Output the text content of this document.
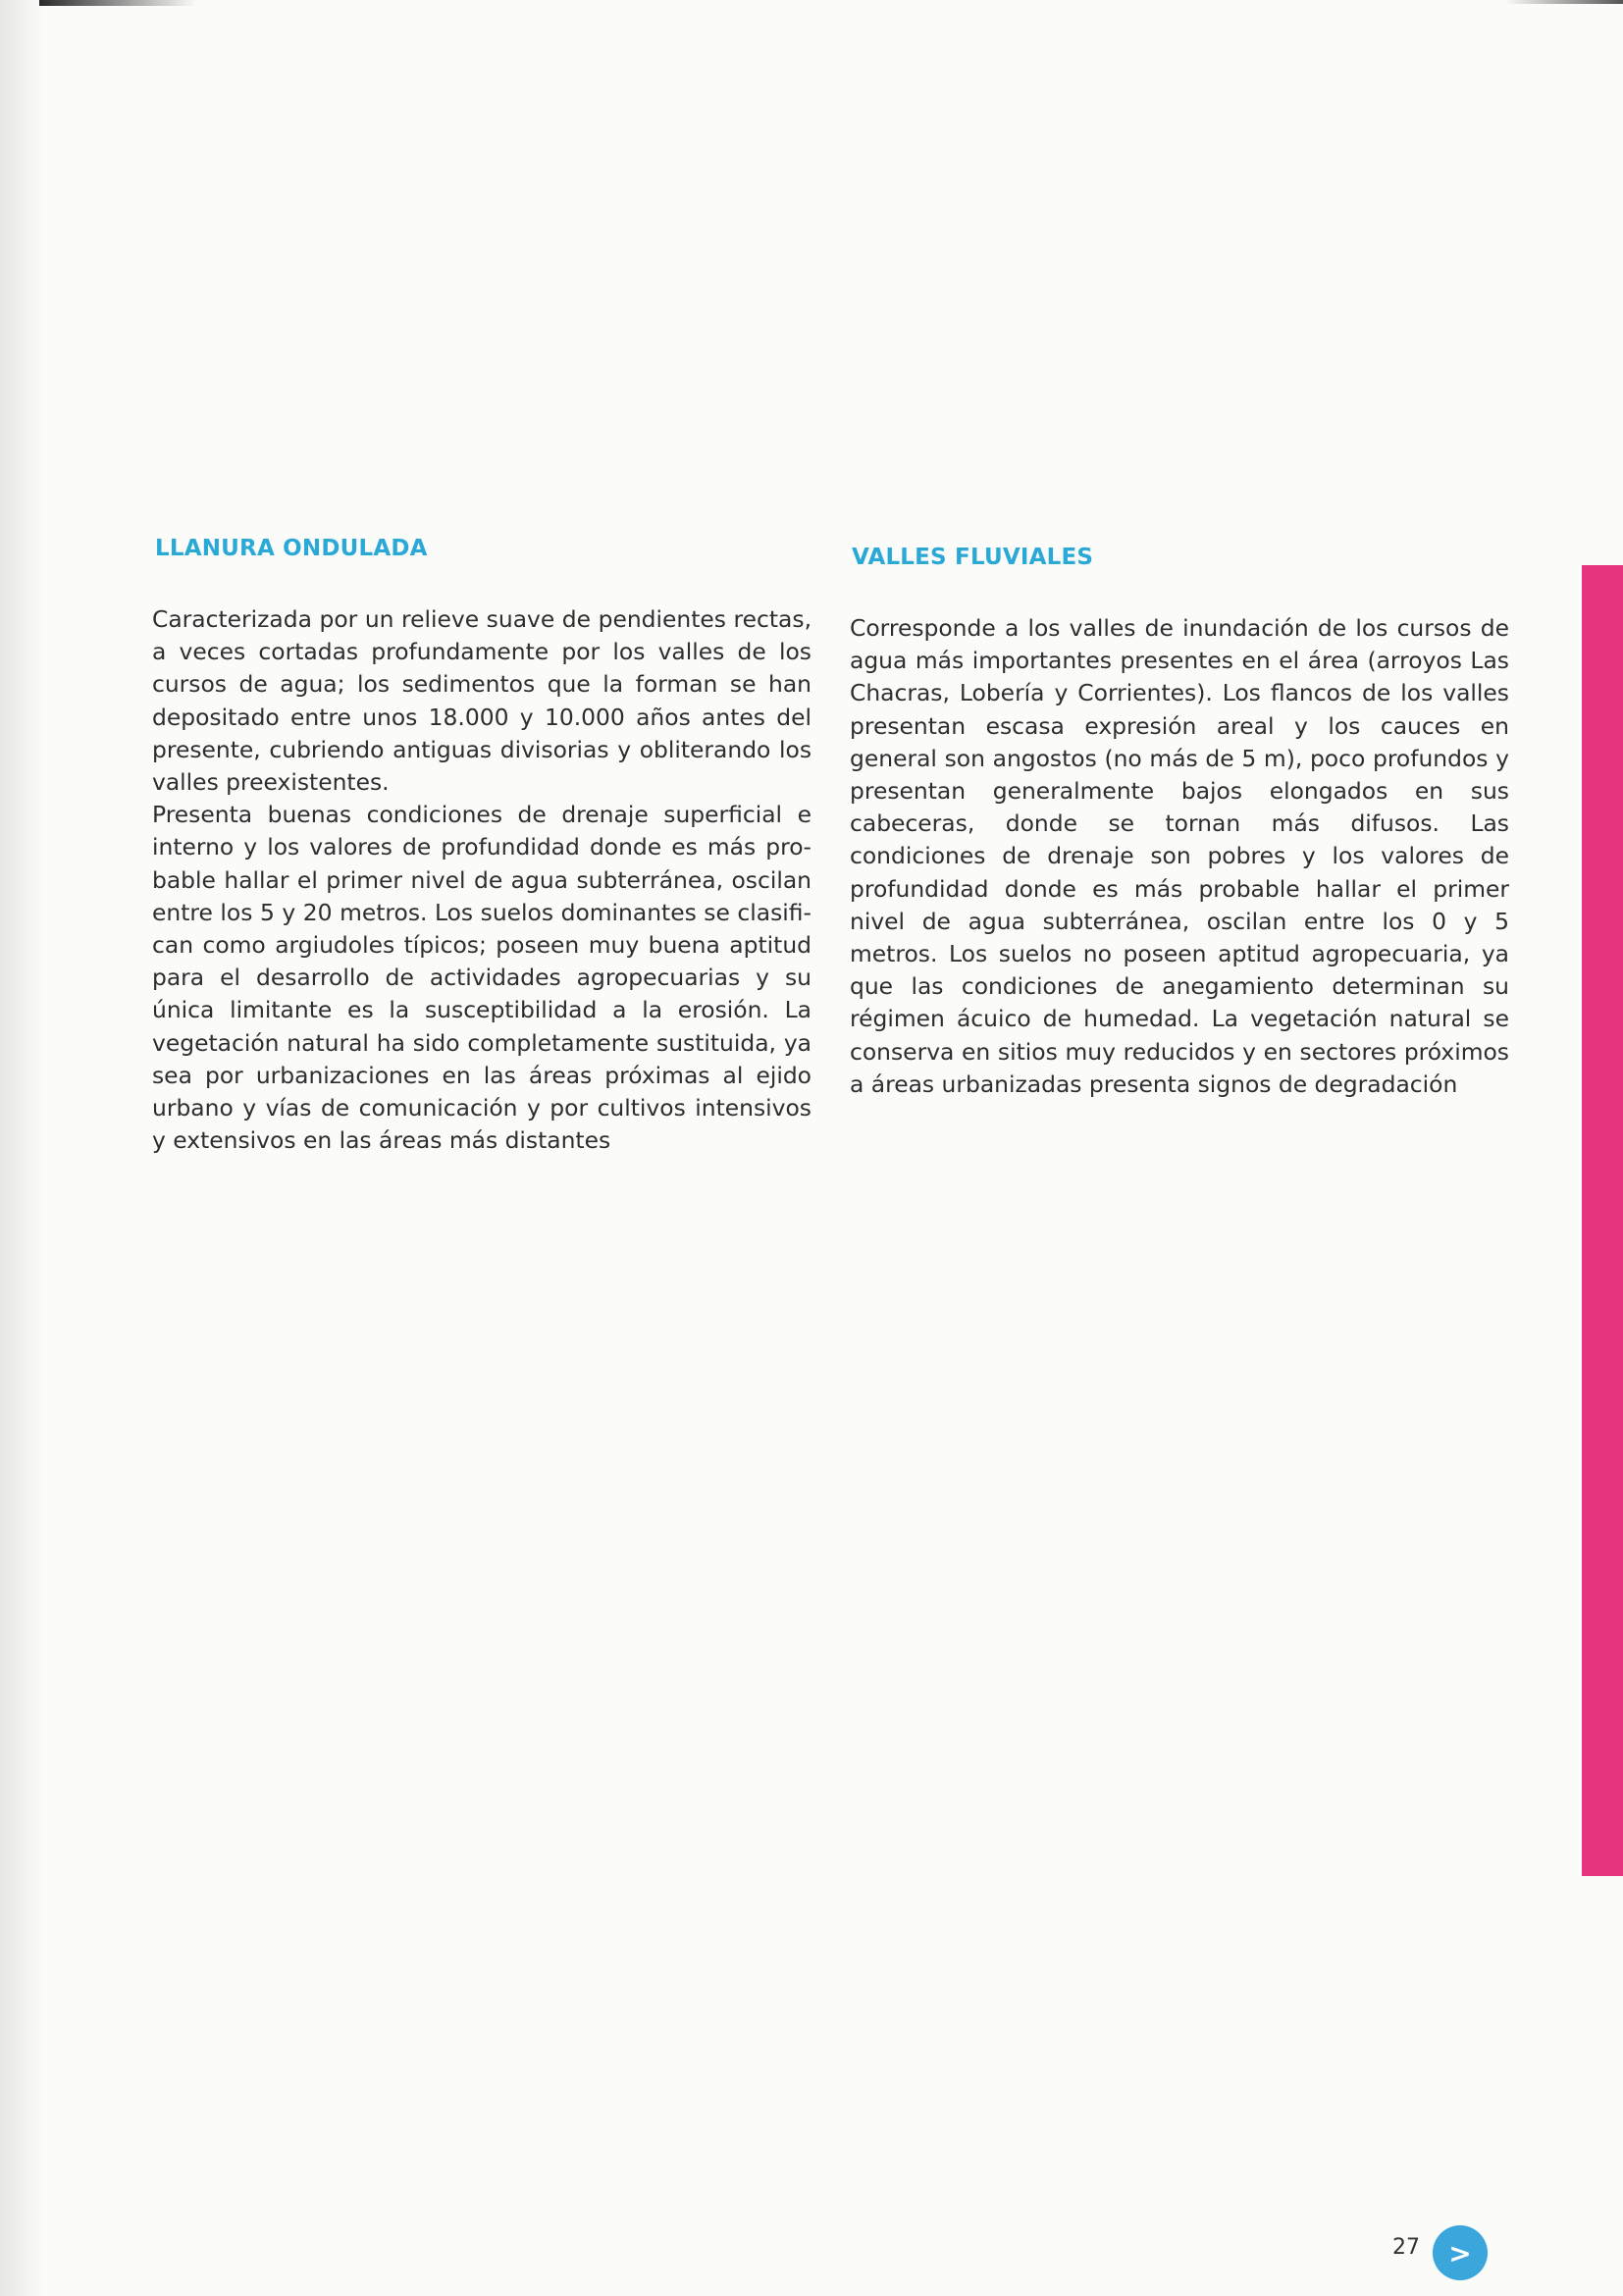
LLANURA ONDULADA

Caracterizada por un relieve suave de pendientes rectas, a veces cortadas profundamente por los valles de los cursos de agua; los sedimentos que la forman se han depositado entre unos 18.000 y 10.000 años antes del presente, cubriendo antiguas divisorias y obliterando los valles preexistentes.

Presenta buenas condiciones de drenaje superficial e interno y los valores de profundidad donde es más probable hallar el primer nivel de agua subterránea, oscilan entre los 5 y 20 metros. Los suelos dominantes se clasifican como argiudoles típicos; poseen muy buena aptitud para el desarrollo de actividades agropecuarias y su única limitante es la susceptibilidad a la erosión. La vegetación natural ha sido completamente sustituida, ya sea por urbanizaciones en las áreas próximas al ejido urbano y vías de comunicación y por cultivos intensivos y extensivos en las áreas más distantes

VALLES FLUVIALES

Corresponde a los valles de inundación de los cursos de agua más importantes presentes en el área (arroyos Las Chacras, Lobería y Corrientes). Los flancos de los valles presentan escasa expresión areal y los cauces en general son angostos (no más de 5 m), poco profundos y presentan generalmente bajos elongados en sus cabeceras, donde se tornan más difusos. Las condiciones de drenaje son pobres y los valores de profundidad donde es más probable hallar el primer nivel de agua subterránea, oscilan entre los 0 y 5 metros. Los suelos no poseen aptitud agropecuaria, ya que las condiciones de anegamiento determinan su régimen ácuico de humedad. La vegetación natural se conserva en sitios muy reducidos y en sectores próximos a áreas urbanizadas presenta signos de degradación

27 >
